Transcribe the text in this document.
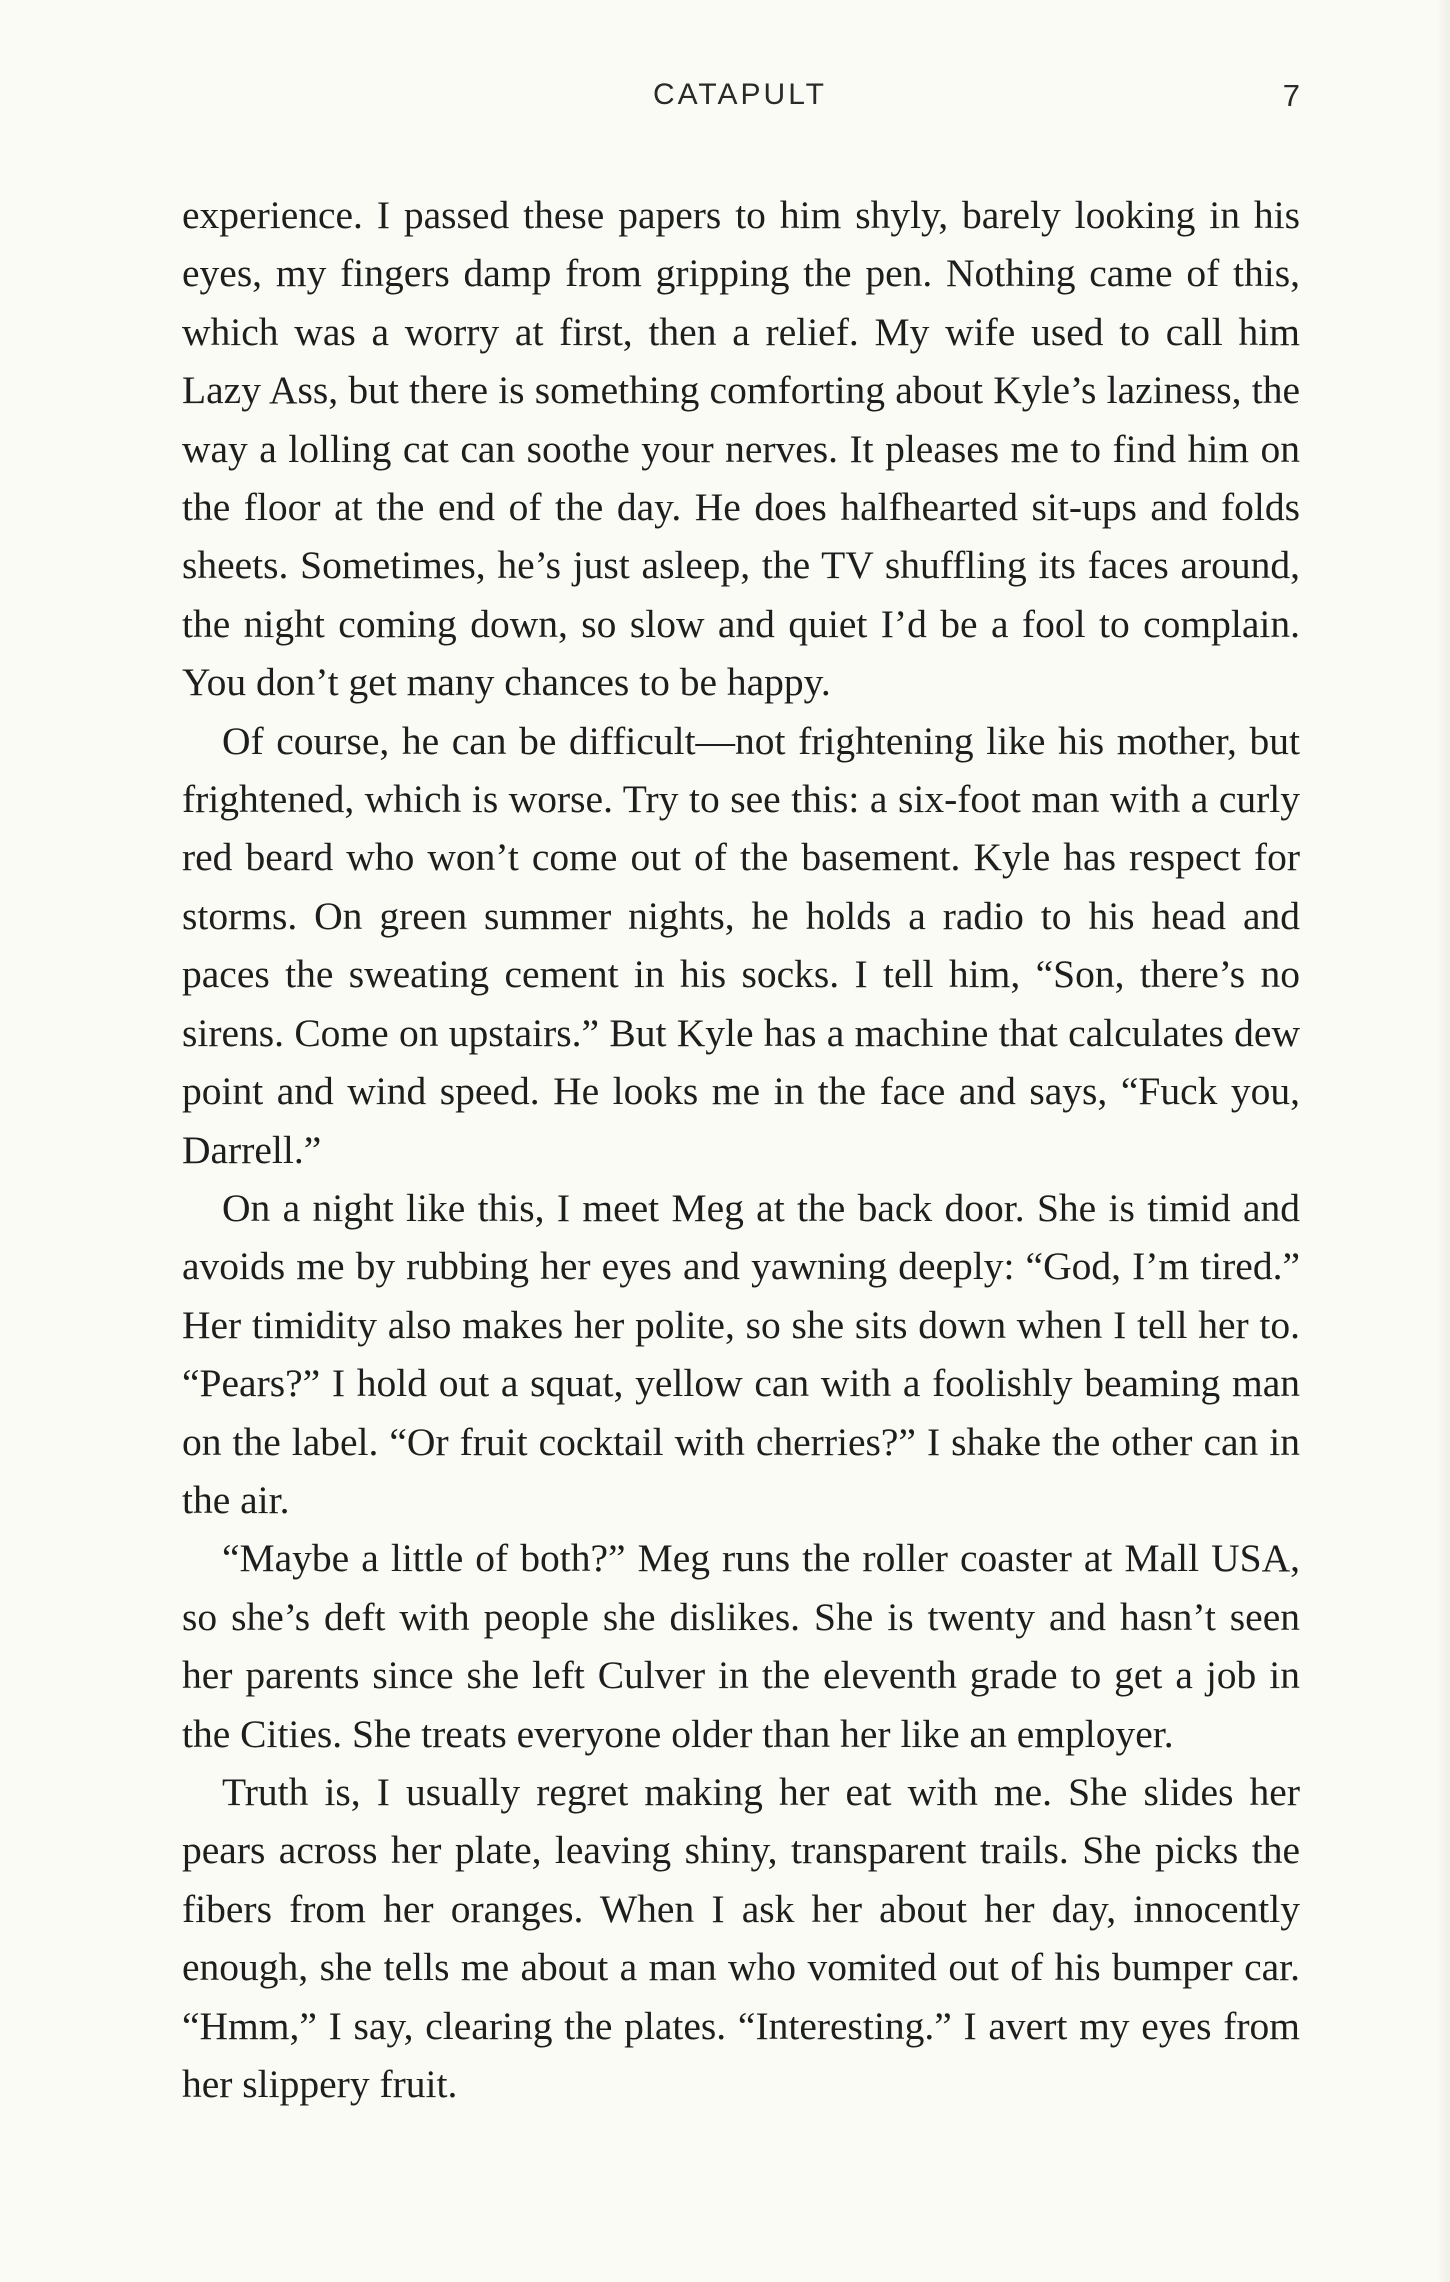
CATAPULT	7

experience. I passed these papers to him shyly, barely looking in his eyes, my fingers damp from gripping the pen. Nothing came of this, which was a worry at first, then a relief. My wife used to call him Lazy Ass, but there is something comforting about Kyle’s laziness, the way a lolling cat can soothe your nerves. It pleases me to find him on the floor at the end of the day. He does halfhearted sit-ups and folds sheets. Sometimes, he’s just asleep, the TV shuffling its faces around, the night coming down, so slow and quiet I’d be a fool to complain. You don’t get many chances to be happy.

Of course, he can be difficult—not frightening like his mother, but frightened, which is worse. Try to see this: a six-foot man with a curly red beard who won’t come out of the basement. Kyle has respect for storms. On green summer nights, he holds a radio to his head and paces the sweating cement in his socks. I tell him, “Son, there’s no sirens. Come on upstairs.” But Kyle has a machine that calculates dew point and wind speed. He looks me in the face and says, “Fuck you, Darrell.”

On a night like this, I meet Meg at the back door. She is timid and avoids me by rubbing her eyes and yawning deeply: “God, I’m tired.” Her timidity also makes her polite, so she sits down when I tell her to. “Pears?” I hold out a squat, yellow can with a foolishly beaming man on the label. “Or fruit cocktail with cherries?” I shake the other can in the air.

“Maybe a little of both?” Meg runs the roller coaster at Mall USA, so she’s deft with people she dislikes. She is twenty and hasn’t seen her parents since she left Culver in the eleventh grade to get a job in the Cities. She treats everyone older than her like an employer.

Truth is, I usually regret making her eat with me. She slides her pears across her plate, leaving shiny, transparent trails. She picks the fibers from her oranges. When I ask her about her day, innocently enough, she tells me about a man who vomited out of his bumper car. “Hmm,” I say, clearing the plates. “Interesting.” I avert my eyes from her slippery fruit.
